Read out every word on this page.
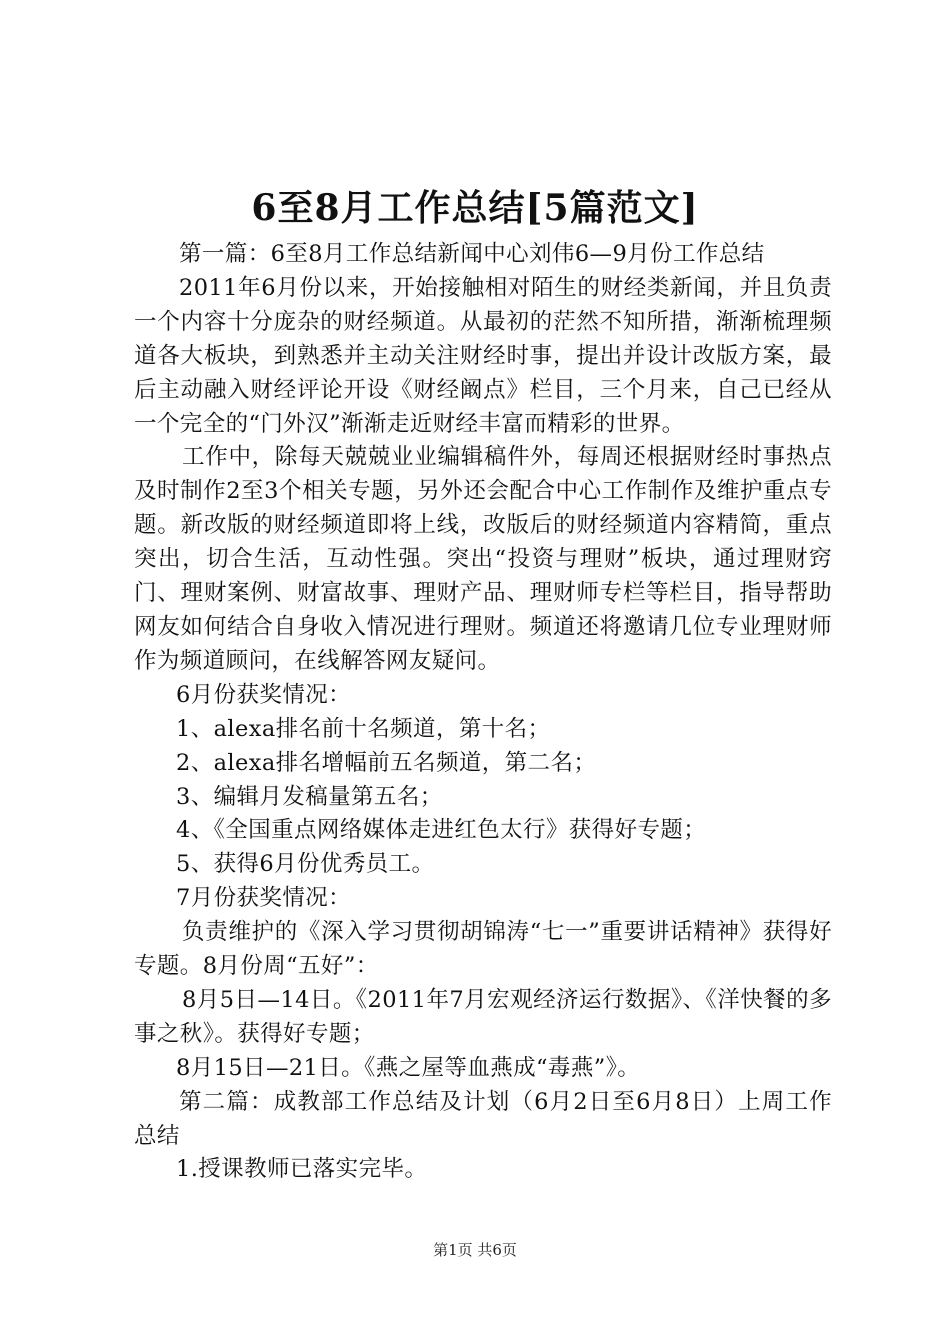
6至8月工作总结[5篇范文]

第一篇：6至8月工作总结新闻中心刘伟6—9月份工作总结

2011年6月份以来，开始接触相对陌生的财经类新闻，并且负责一个内容十分庞杂的财经频道。从最初的茫然不知所措，渐渐梳理频道各大板块，到熟悉并主动关注财经时事，提出并设计改版方案，最后主动融入财经评论开设《财经阚点》栏目，三个月来，自己已经从一个完全的“门外汉”渐渐走近财经丰富而精彩的世界。

工作中，除每天兢兢业业编辑稿件外，每周还根据财经时事热点及时制作2至3个相关专题，另外还会配合中心工作制作及维护重点专题。新改版的财经频道即将上线，改版后的财经频道内容精简，重点突出，切合生活，互动性强。突出“投资与理财”板块，通过理财窍门、理财案例、财富故事、理财产品、理财师专栏等栏目，指导帮助网友如何结合自身收入情况进行理财。频道还将邀请几位专业理财师作为频道顾问，在线解答网友疑问。

6月份获奖情况：

1、alexa排名前十名频道，第十名；

2、alexa排名增幅前五名频道，第二名；

3、编辑月发稿量第五名；

4、《全国重点网络媒体走进红色太行》获得好专题；

5、获得6月份优秀员工。

7月份获奖情况：

负责维护的《深入学习贯彻胡锦涛“七一”重要讲话精神》获得好专题。8月份周“五好”：

8月5日—14日。《2011年7月宏观经济运行数据》、《洋快餐的多事之秋》。获得好专题；

8月15日—21日。《燕之屋等血燕成“毒燕”》。

第二篇：成教部工作总结及计划（6月2日至6月8日）上周工作总结

1.授课教师已落实完毕。

第1页 共6页
